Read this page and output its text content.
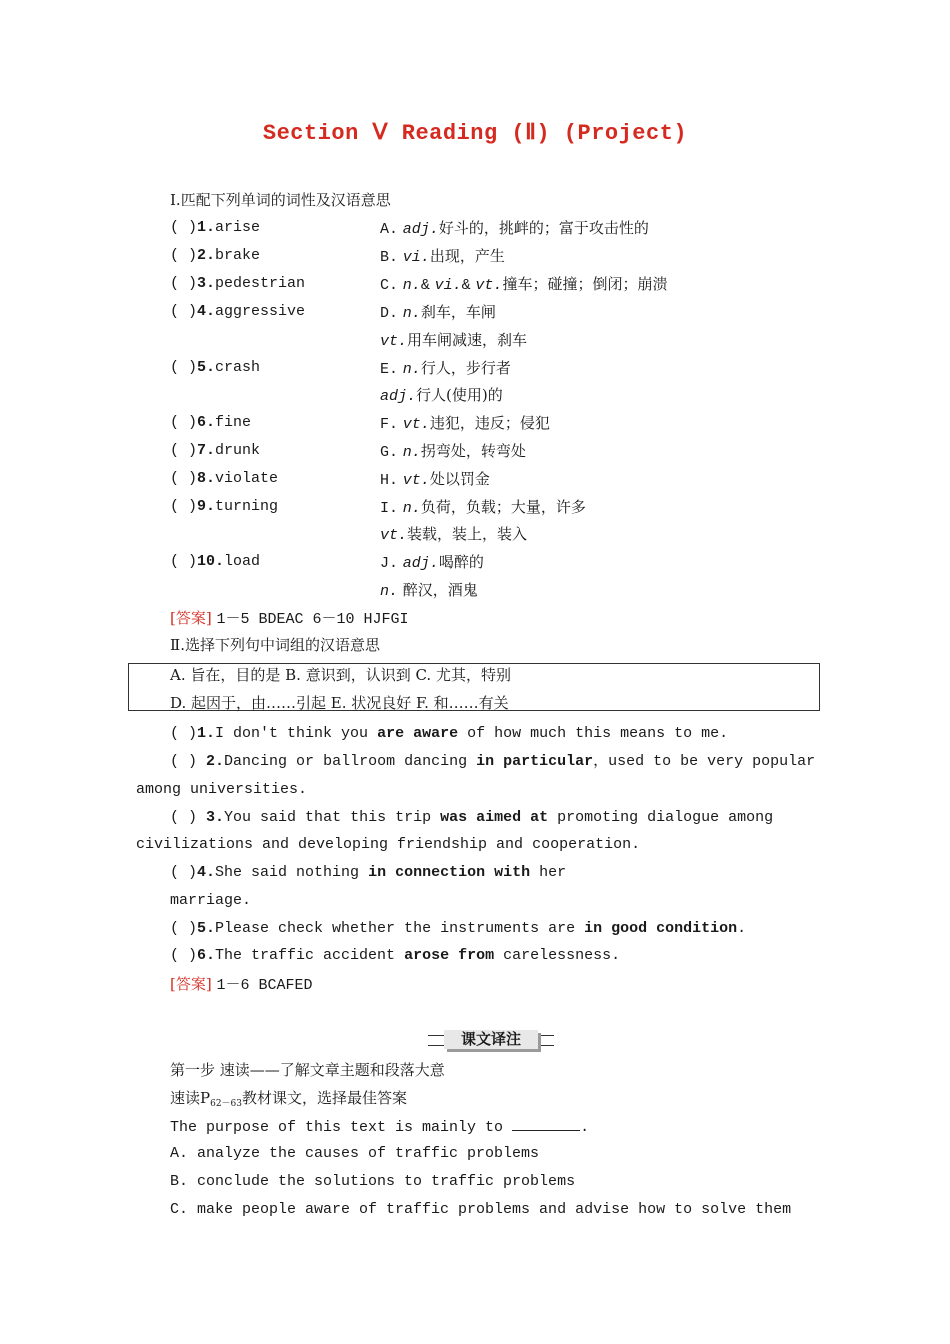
Section Ⅴ Reading (Ⅱ) (Project)
Ⅰ.匹配下列单词的词性及汉语意思
( )1.arise
( )2.brake
( )3.pedestrian
( )4.aggressive
( )5.crash
( )6.fine
( )7.drunk
( )8.violate
( )9.turning
( )10.load
A. adj.好斗的，挑衅的；富于攻击性的
B. vi.出现，产生
C. n.& vi.& vt.撞车；碰撞；倒闭；崩溃
D. n.刹车，车闸
vt.用车闸减速，刹车
E. n.行人，步行者
adj.行人(使用)的
F. vt.违犯，违反；侵犯
G. n.拐弯处，转弯处
H. vt.处以罚金
I. n.负荷，负载；大量，许多
vt.装载，装上，装入
J. adj.喝醉的
n. 醉汉，酒鬼
[答案] 1－5 BDEAC 6－10 HJFGI
Ⅱ.选择下列句中词组的汉语意思
A. 旨在，目的是 B. 意识到，认识到 C. 尤其，特别
D. 起因于，由……引起 E. 状况良好 F. 和……有关
( )1.I don't think you are aware of how much this means to me.
( ) 2.Dancing or ballroom dancing in particular，used to be very popular
among universities.
( ) 3.You said that this trip was aimed at promoting dialogue among
civilizations and developing friendship and cooperation.
( )4.She said nothing in connection with her
marriage.
( )5.Please check whether the instruments are in good condition.
( )6.The traffic accident arose from carelessness.
[答案] 1－6 BCAFED
课文译注
第一步 速读——了解文章主题和段落大意
速读$P_{62-63}$教材课文，选择最佳答案
The purpose of this text is mainly to	.
A. analyze the causes of traffic problems
B. conclude the solutions to traffic problems
C. make people aware of traffic problems and advise how to solve them
